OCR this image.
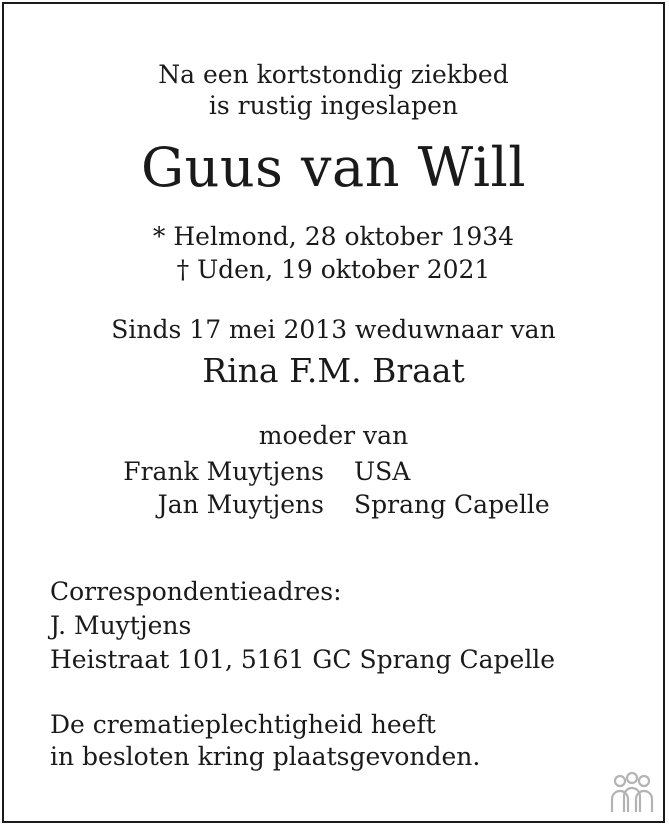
Na een kortstondig ziekbed
is rustig ingeslapen
Guus van Will
* Helmond, 28 oktober 1934
† Uden, 19 oktober 2021
Sinds 17 mei 2013 weduwnaar van
Rina F.M. Braat
moeder van
Frank Muytjens USA
Jan Muytjens Sprang Capelle
Correspondentieadres:
J. Muytjens
Heistraat 101, 5161 GC Sprang Capelle
De crematieplechtigheid heeft
in besloten kring plaatsgevonden.
